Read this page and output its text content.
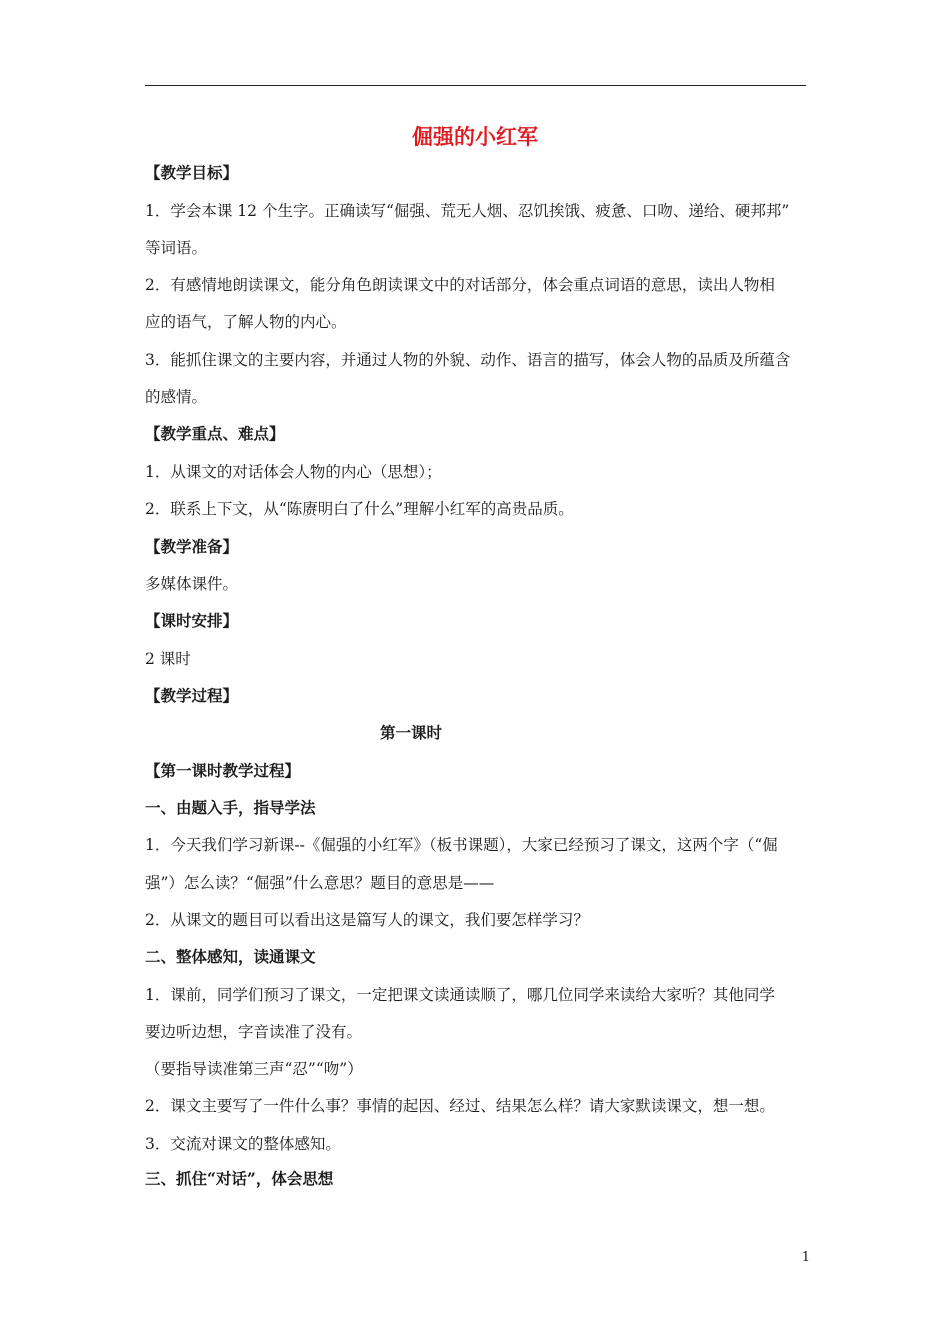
倔强的小红军
【教学目标】
1．学会本课 12 个生字。正确读写“倔强、荒无人烟、忍饥挨饿、疲惫、口吻、递给、硬邦邦”
等词语。
2．有感情地朗读课文，能分角色朗读课文中的对话部分，体会重点词语的意思，读出人物相
应的语气，了解人物的内心。
3．能抓住课文的主要内容，并通过人物的外貌、动作、语言的描写，体会人物的品质及所蕴含
的感情。
【教学重点、难点】
1．从课文的对话体会人物的内心（思想）；
2．联系上下文，从“陈赓明白了什么”理解小红军的高贵品质。
【教学准备】
多媒体课件。
【课时安排】
2 课时
【教学过程】
第一课时
【第一课时教学过程】
一、由题入手，指导学法
1．今天我们学习新课--《倔强的小红军》（板书课题），大家已经预习了课文，这两个字（“倔
强”）怎么读？“倔强”什么意思？题目的意思是——
2．从课文的题目可以看出这是篇写人的课文，我们要怎样学习？
二、整体感知，读通课文
1．课前，同学们预习了课文，一定把课文读通读顺了，哪几位同学来读给大家听？其他同学
要边听边想，字音读准了没有。
（要指导读准第三声“忍”“吻”）
2．课文主要写了一件什么事？事情的起因、经过、结果怎么样？请大家默读课文，想一想。
3．交流对课文的整体感知。
三、抓住“对话”，体会思想
1
